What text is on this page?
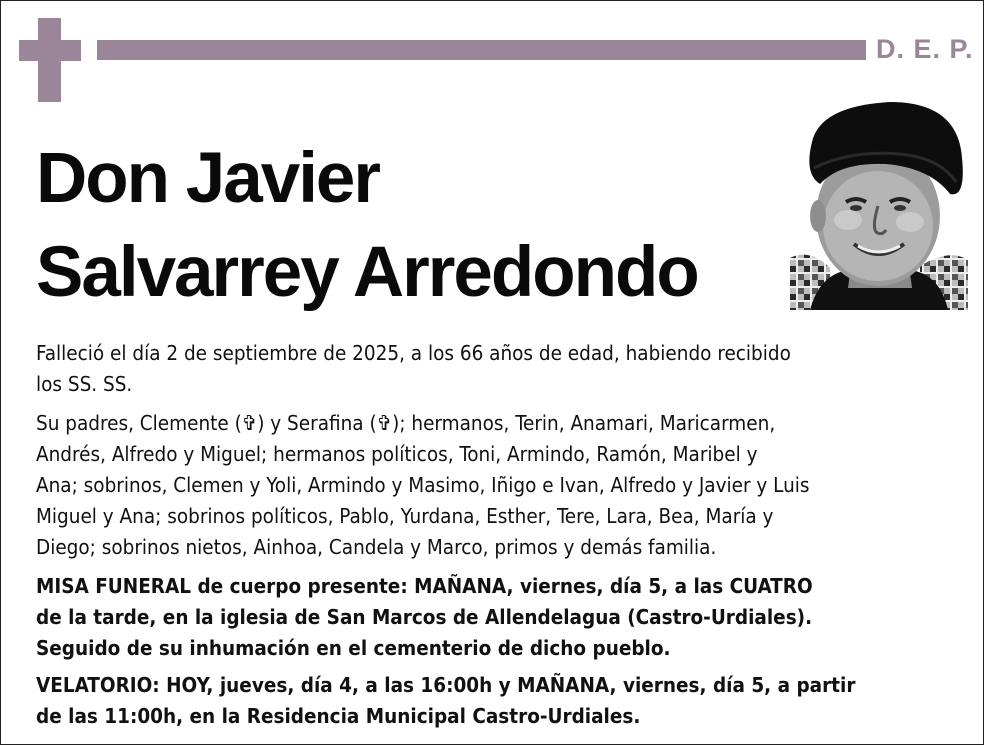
D. E. P.
Don Javier
Salvarrey Arredondo

Falleció el día 2 de septiembre de 2025, a los 66 años de edad, habiendo recibido
los SS. SS.

Su padres, Clemente (✞) y Serafina (✞); hermanos, Terin, Anamari, Maricarmen,
Andrés, Alfredo y Miguel; hermanos políticos, Toni, Armindo, Ramón, Maribel y
Ana; sobrinos, Clemen y Yoli, Armindo y Masimo, Iñigo e Ivan, Alfredo y Javier y Luis
Miguel y Ana; sobrinos políticos, Pablo, Yurdana, Esther, Tere, Lara, Bea, María y
Diego; sobrinos nietos, Ainhoa, Candela y Marco, primos y demás familia.

MISA FUNERAL de cuerpo presente: MAÑANA, viernes, día 5, a las CUATRO
de la tarde, en la iglesia de San Marcos de Allendelagua (Castro-Urdiales).
Seguido de su inhumación en el cementerio de dicho pueblo.

VELATORIO: HOY, jueves, día 4, a las 16:00h y MAÑANA, viernes, día 5, a partir
de las 11:00h, en la Residencia Municipal Castro-Urdiales.
